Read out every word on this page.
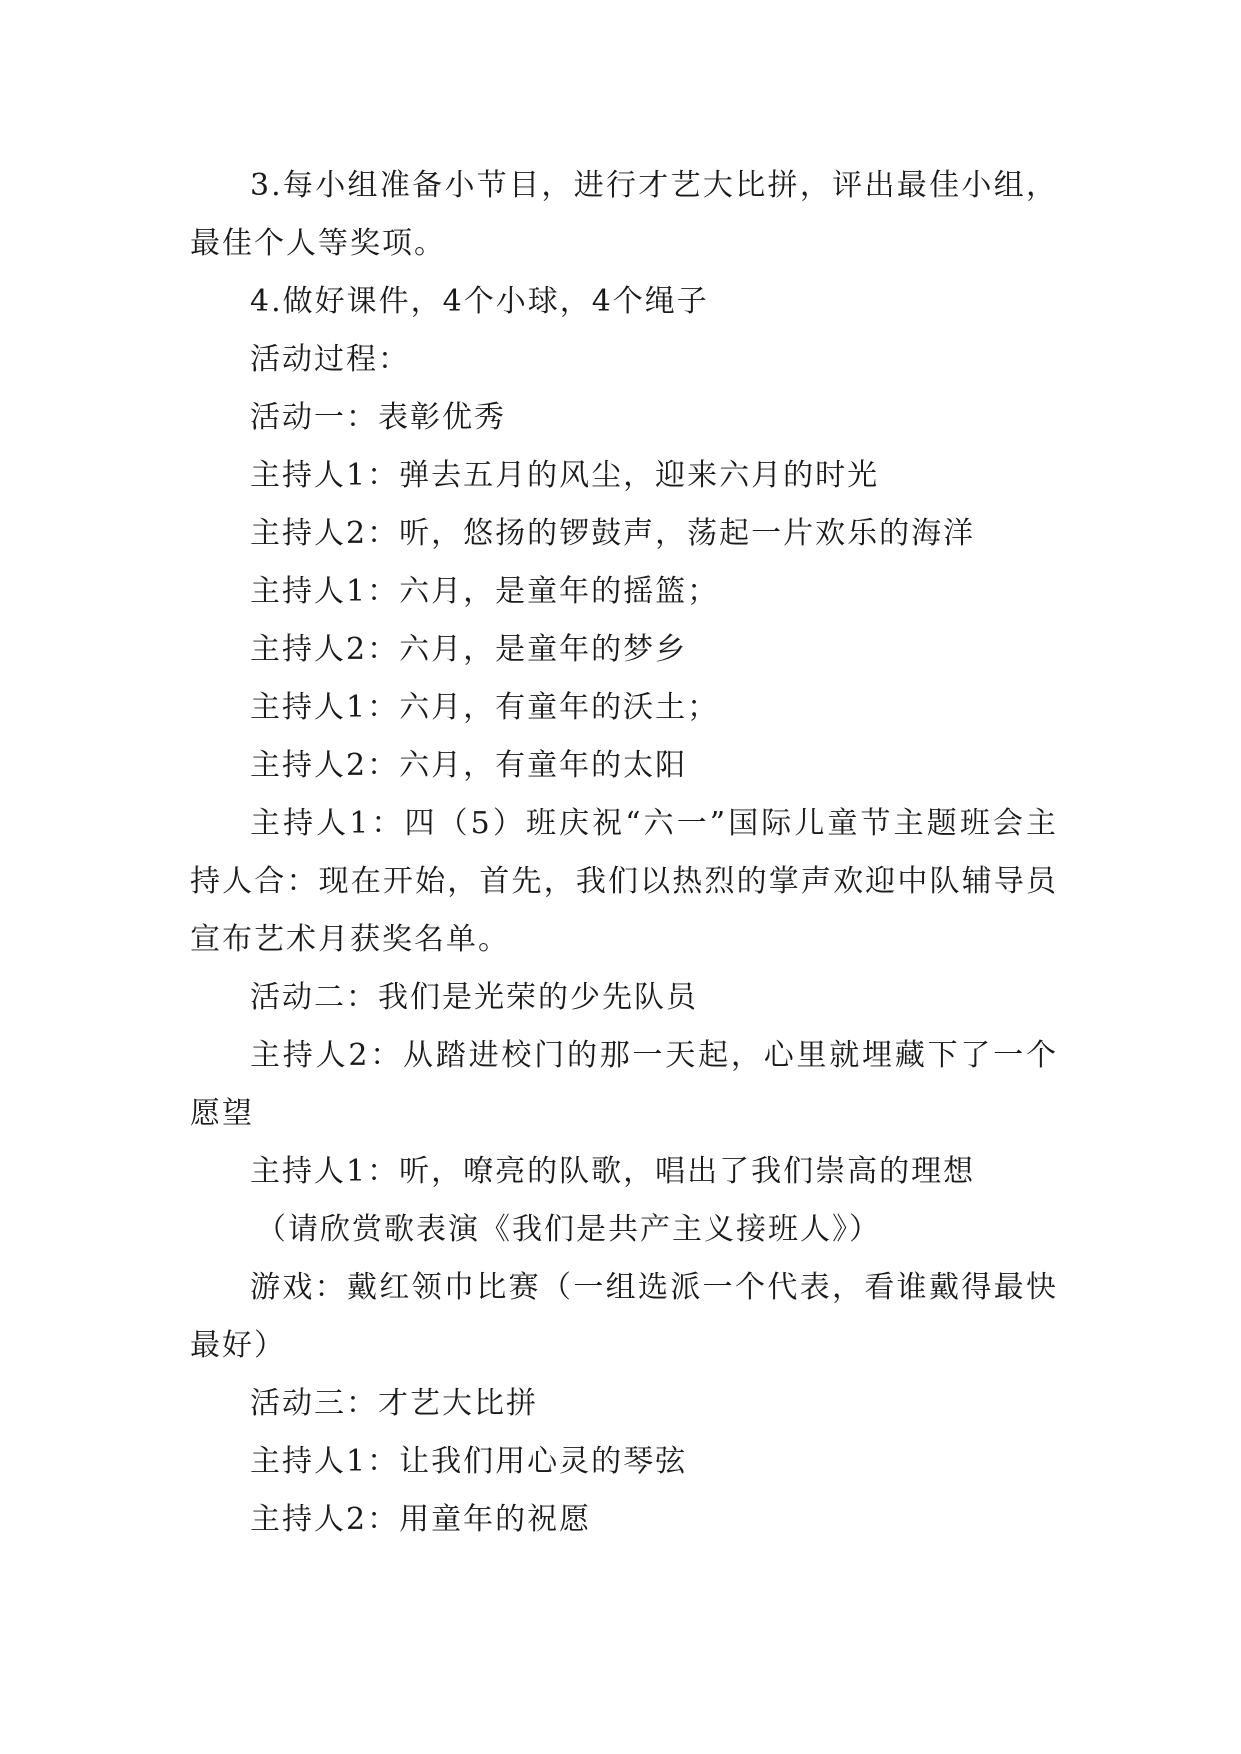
3.每小组准备小节目，进行才艺大比拼，评出最佳小组，最佳个人等奖项。

4.做好课件，4个小球，4个绳子

活动过程：

活动一：表彰优秀

主持人1：弹去五月的风尘，迎来六月的时光

主持人2：听，悠扬的锣鼓声，荡起一片欢乐的海洋

主持人1：六月，是童年的摇篮；

主持人2：六月，是童年的梦乡

主持人1：六月，有童年的沃土；

主持人2：六月，有童年的太阳

主持人1：四（5）班庆祝“六一”国际儿童节主题班会主持人合：现在开始，首先，我们以热烈的掌声欢迎中队辅导员宣布艺术月获奖名单。

活动二：我们是光荣的少先队员

主持人2：从踏进校门的那一天起，心里就埋藏下了一个愿望

主持人1：听，嘹亮的队歌，唱出了我们崇高的理想

（请欣赏歌表演《我们是共产主义接班人》）

游戏：戴红领巾比赛（一组选派一个代表，看谁戴得最快最好）

活动三：才艺大比拼

主持人1：让我们用心灵的琴弦

主持人2：用童年的祝愿
